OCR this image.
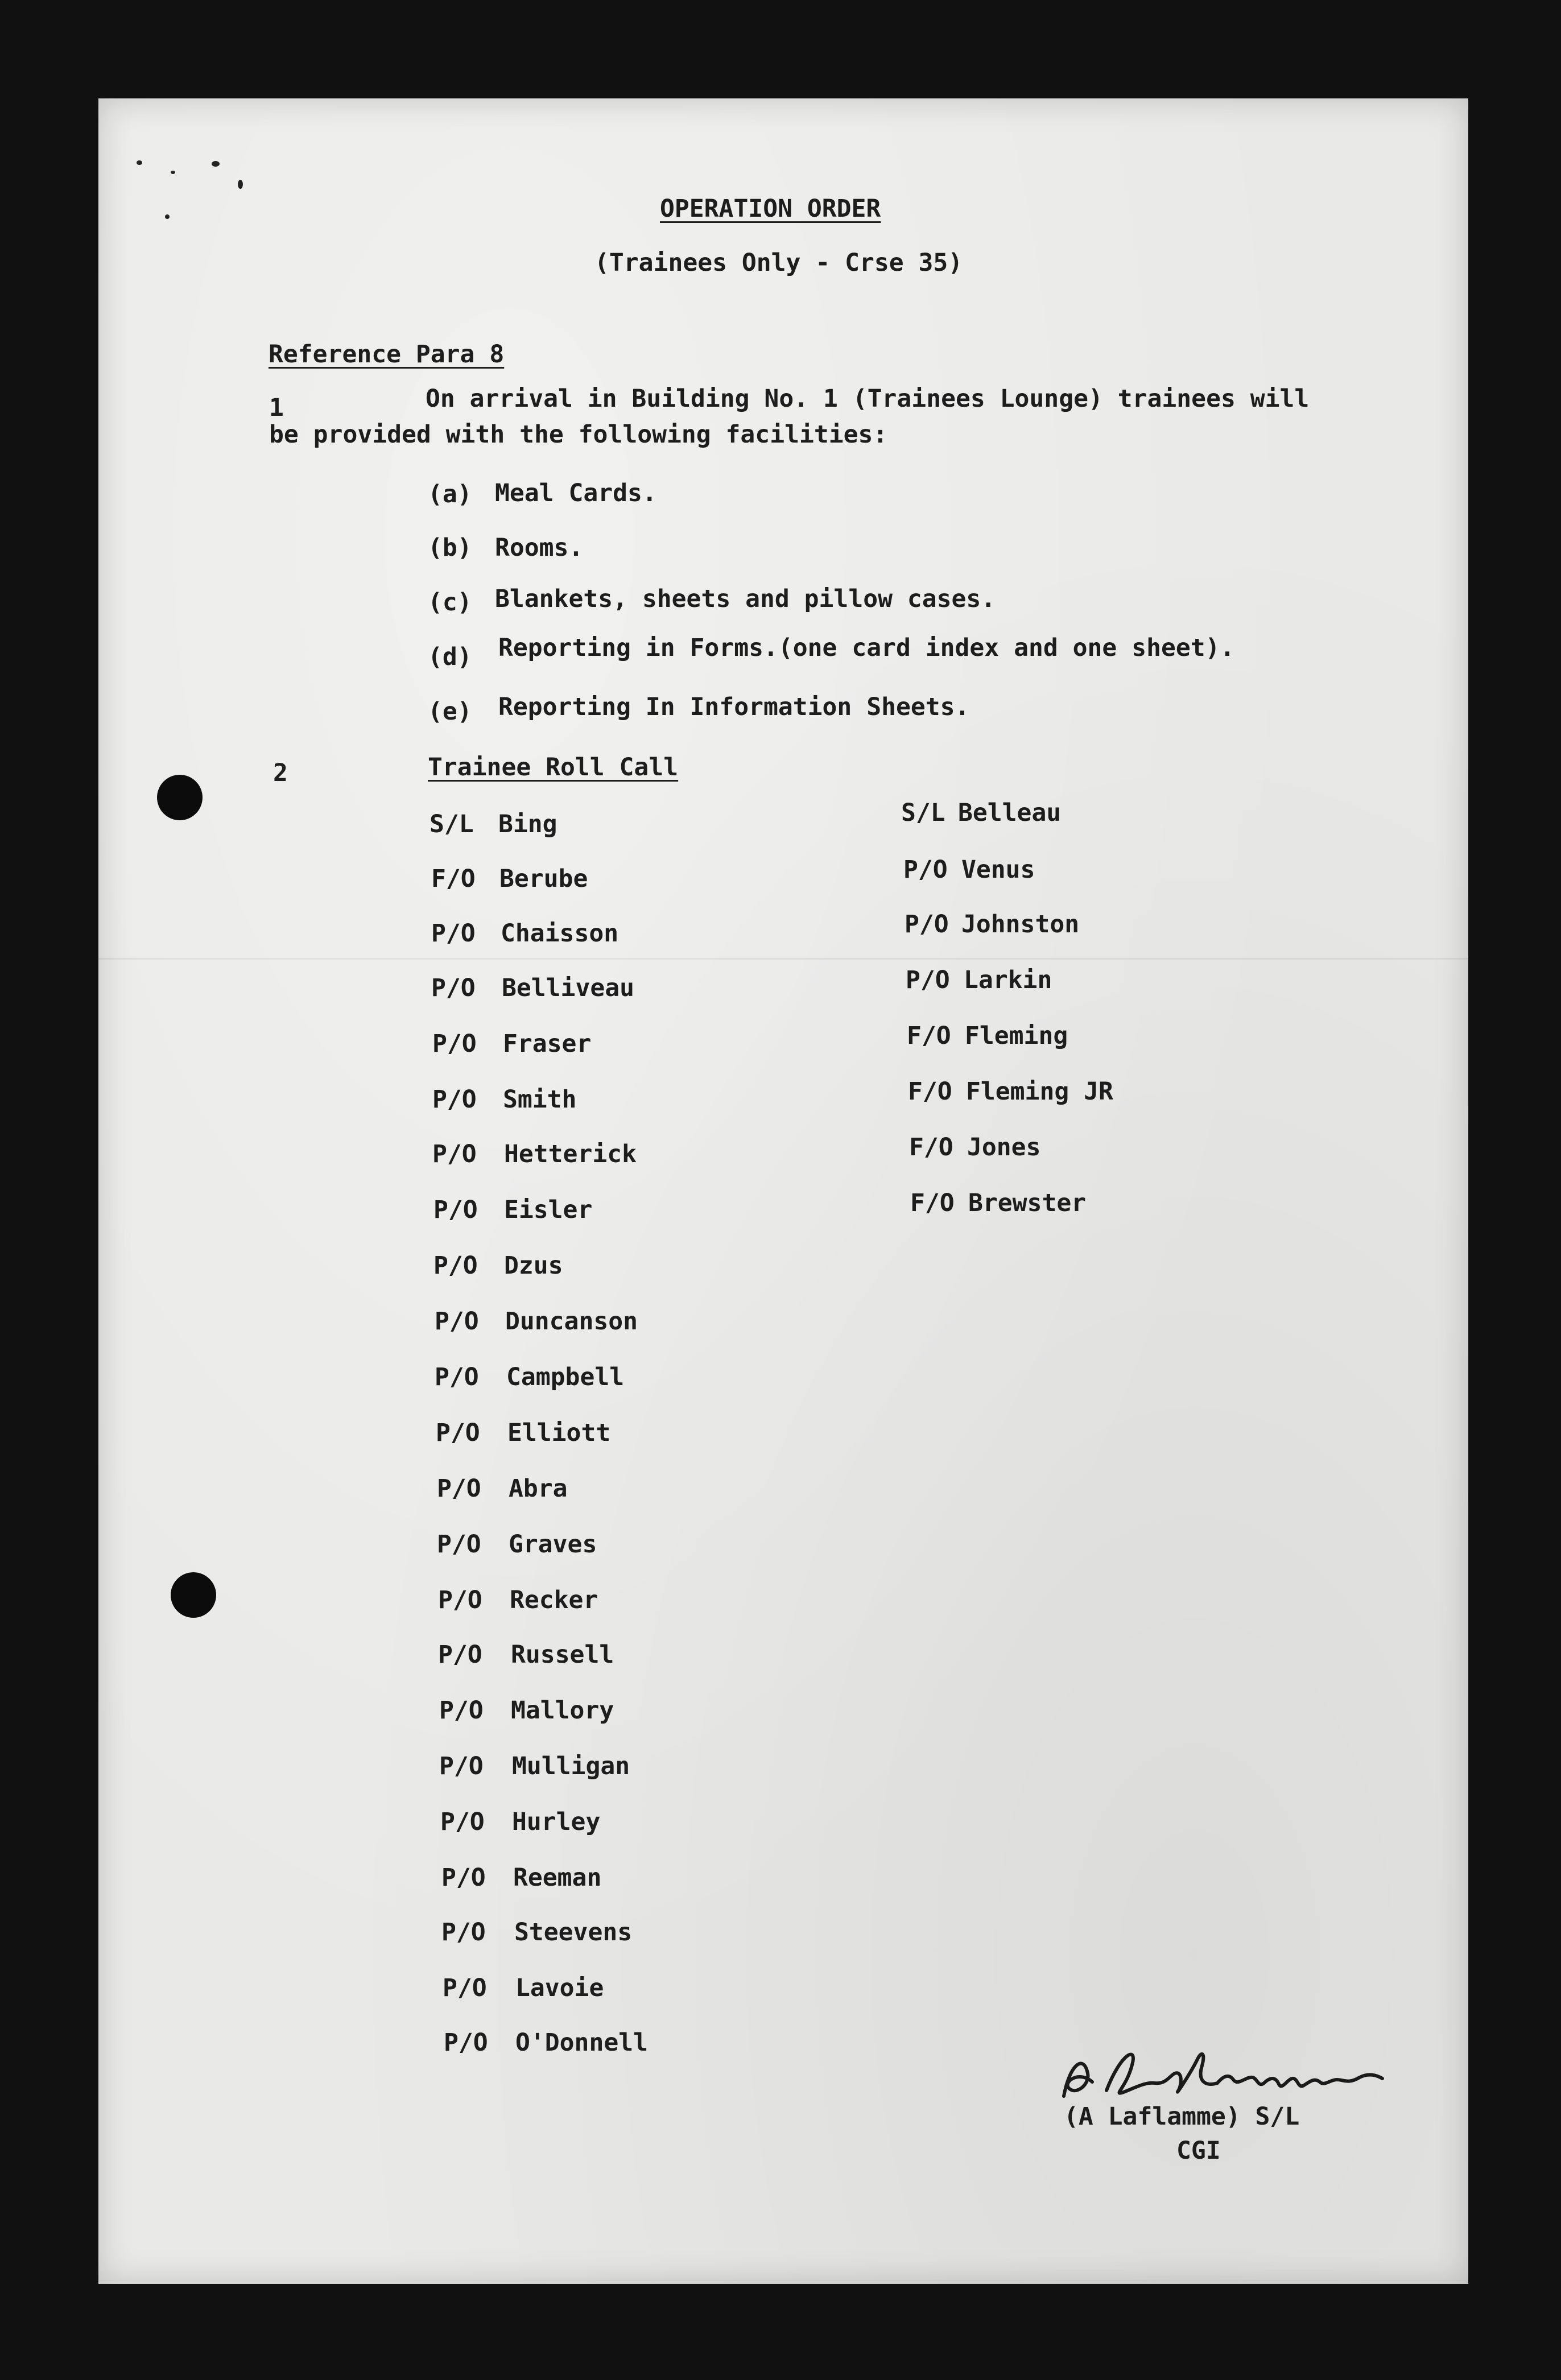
OPERATION ORDER
(Trainees Only - Crse 35)
Reference Para 8
1	On arrival in Building No. 1 (Trainees Lounge) trainees will
be provided with the following facilities:
(a) Meal Cards.
(b) Rooms.
(c) Blankets, sheets and pillow cases.
(d) Reporting in Forms.(one card index and one sheet).
(e) Reporting In Information Sheets.
2	Trainee Roll Call
S/L Bing
F/O Berube
P/O Chaisson
P/O Belliveau
P/O Fraser
P/O Smith
P/O Hetterick
P/O Eisler
P/O Dzus
P/O Duncanson
P/O Campbell
P/O Elliott
P/O Abra
P/O Graves
P/O Recker
P/O Russell
P/O Mallory
P/O Mulligan
P/O Hurley
P/O Reeman
P/O Steevens
P/O Lavoie
P/O O'Donnell
S/L Belleau
P/O Venus
P/O Johnston
P/O Larkin
F/O Fleming
F/O Fleming JR
F/O Jones
F/O Brewster
(A Laflamme) S/L
CGI
